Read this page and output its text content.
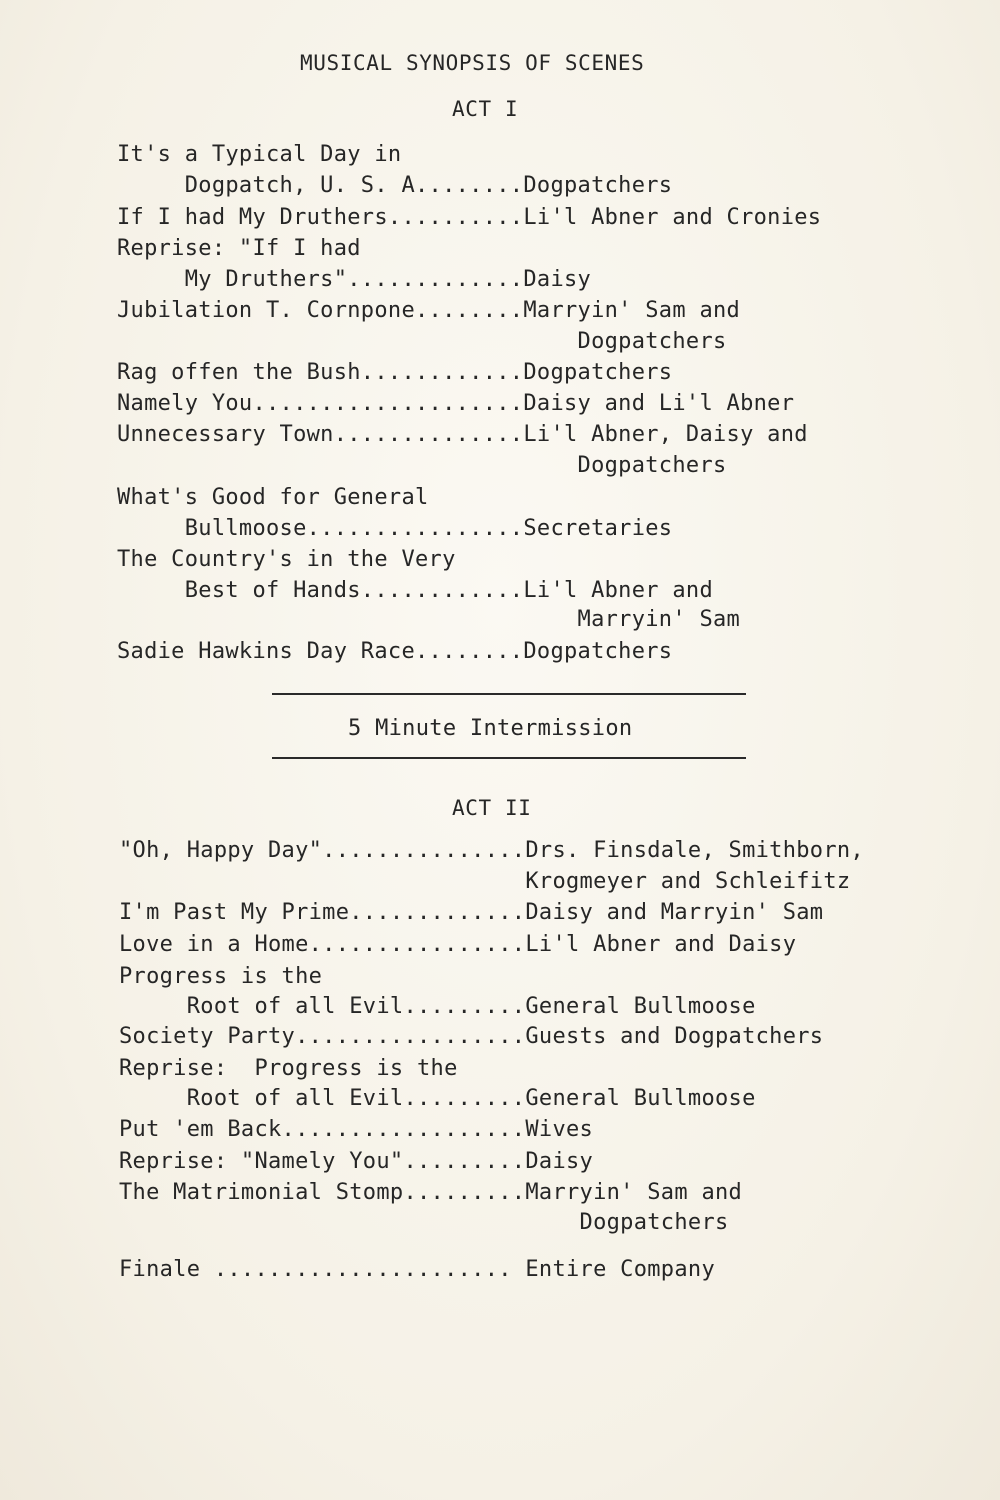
MUSICAL SYNOPSIS OF SCENES
ACT I
It's a Typical Day in
Dogpatch, U. S. A........Dogpatchers
If I had My Druthers..........Li'l Abner and Cronies
Reprise: "If I had
My Druthers".............Daisy
Jubilation T. Cornpone........Marryin' Sam and
Dogpatchers
Rag offen the Bush............Dogpatchers
Namely You....................Daisy and Li'l Abner
Unnecessary Town..............Li'l Abner, Daisy and
Dogpatchers
What's Good for General
Bullmoose................Secretaries
The Country's in the Very
Best of Hands............Li'l Abner and
Marryin' Sam
Sadie Hawkins Day Race........Dogpatchers
5 Minute Intermission
ACT II
"Oh, Happy Day"...............Drs. Finsdale, Smithborn,
Krogmeyer and Schleifitz
I'm Past My Prime.............Daisy and Marryin' Sam
Love in a Home................Li'l Abner and Daisy
Progress is the
Root of all Evil.........General Bullmoose
Society Party.................Guests and Dogpatchers
Reprise:  Progress is the
Root of all Evil.........General Bullmoose
Put 'em Back..................Wives
Reprise: "Namely You".........Daisy
The Matrimonial Stomp.........Marryin' Sam and
Dogpatchers
Finale ...................... Entire Company
